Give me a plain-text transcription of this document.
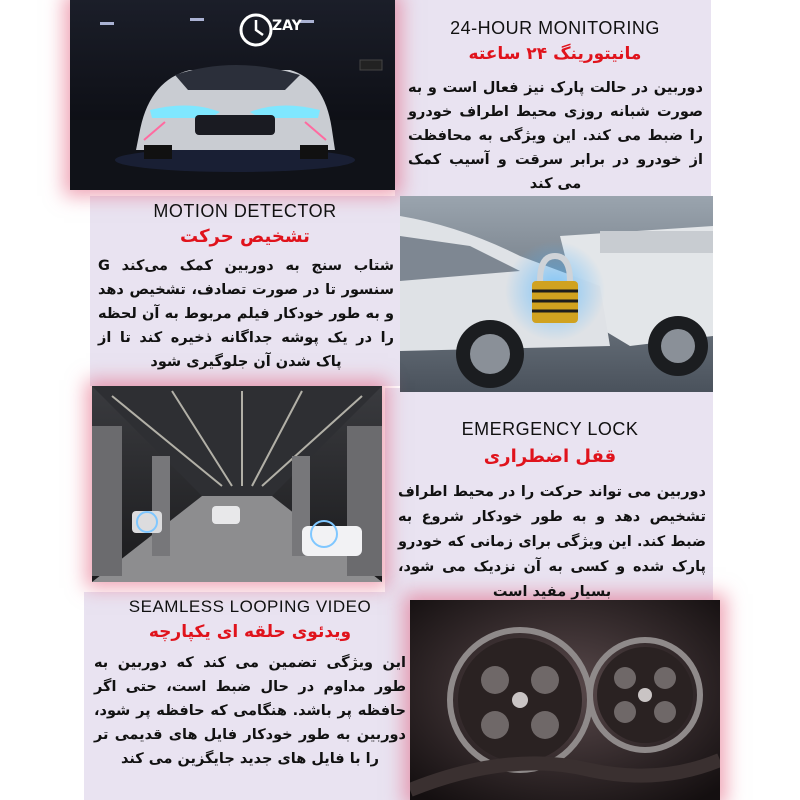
ZAY	24-HOUR MONITORING
مانیتورینگ ۲۴ ساعته
دوربین در حالت پارک نیز فعال است و به صورت شبانه روزی محیط اطراف خودرو را ضبط می کند. این ویژگی به محافظت از خودرو در برابر سرقت و آسیب کمک می کند
MOTION DETECTOR
تشخیص حرکت
شتاب سنج به دوربین کمک می‌کند G سنسور تا در صورت تصادف، تشخیص دهد و به طور خودکار فیلم مربوط به آن لحظه را در یک پوشه جداگانه ذخیره کند تا از پاک شدن آن جلوگیری شود
EMERGENCY LOCK
قفل اضطراری
دوربین می تواند حرکت را در محیط اطراف تشخیص دهد و به طور خودکار شروع به ضبط کند. این ویژگی برای زمانی که خودرو پارک شده و کسی به آن نزدیک می شود، بسیار مفید است
SEAMLESS LOOPING VIDEO
ویدئوی حلقه ای یکپارچه
این ویژگی تضمین می کند که دوربین به طور مداوم در حال ضبط است، حتی اگر حافظه پر باشد. هنگامی که حافظه پر شود، دوربین به طور خودکار فایل های قدیمی تر را با فایل های جدید جایگزین می کند
